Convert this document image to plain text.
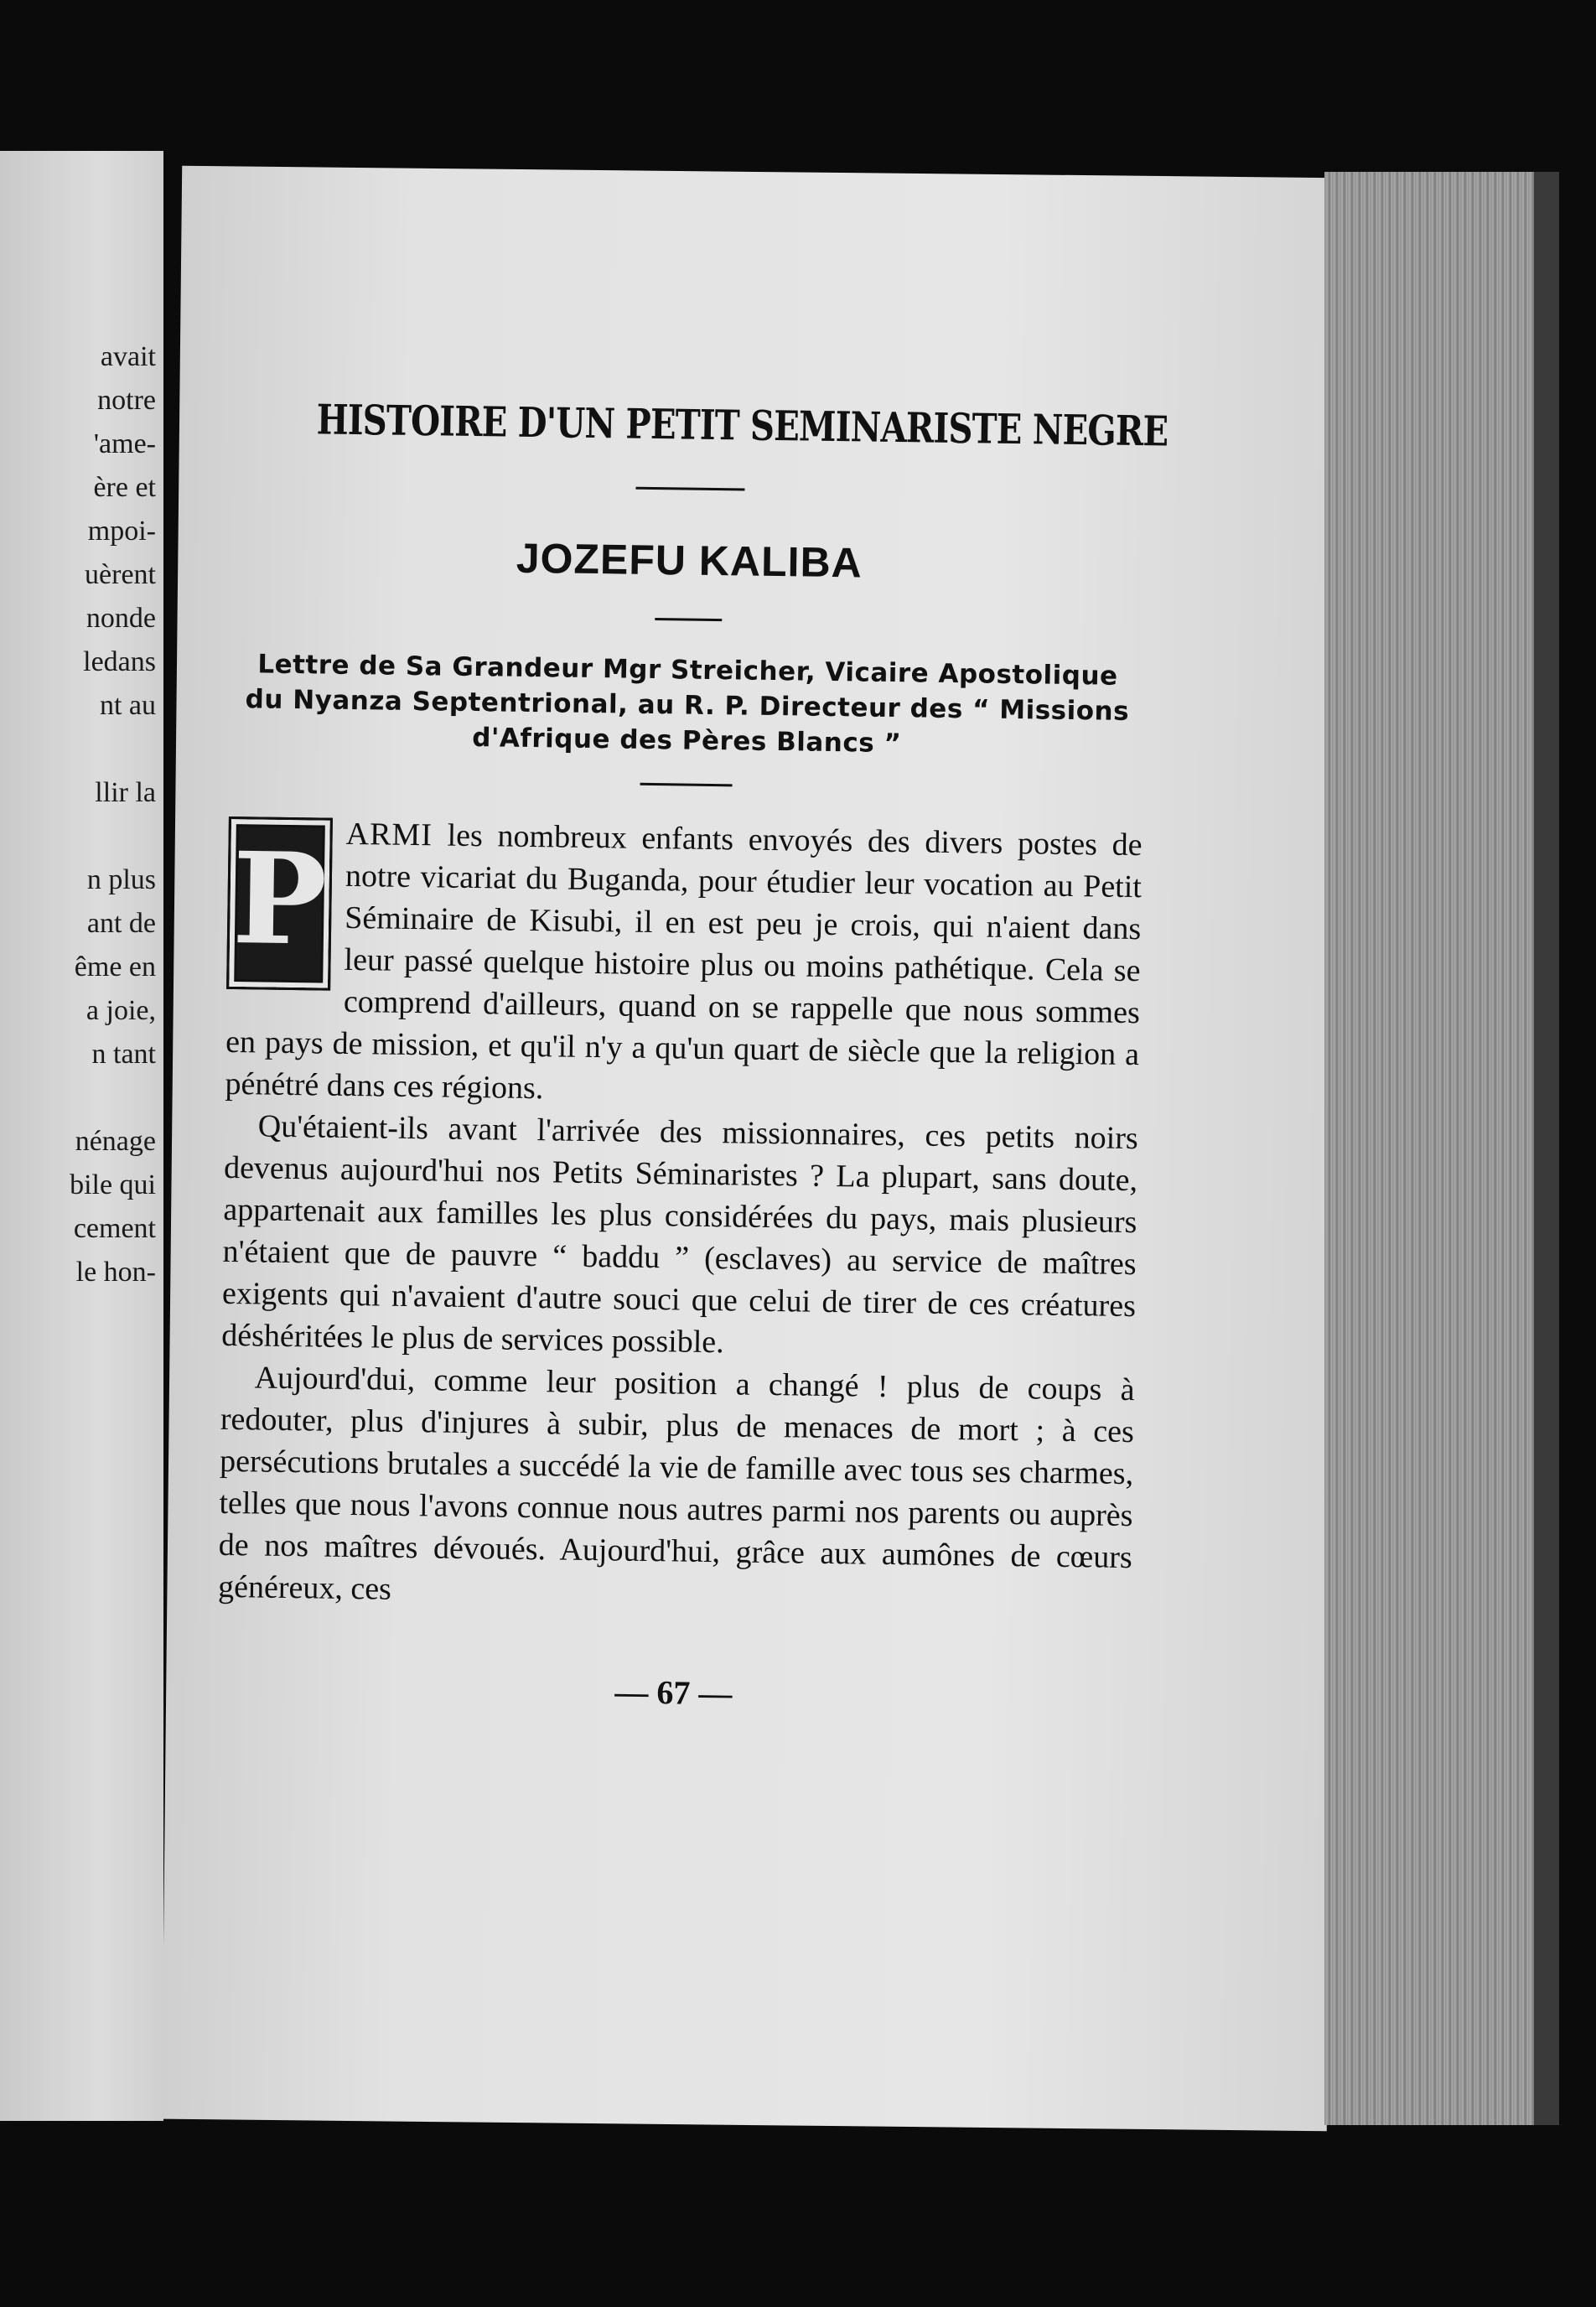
avait
notre
'ame-
ère et
mpoi-
uèrent
nonde
ledans
nt au
llir la
n plus
ant de
ême en
a joie,
n tant
nénage
bile qui
cement
le hon-
HISTOIRE D'UN PETIT SEMINARISTE NEGRE
JOZEFU KALIBA

Lettre de Sa Grandeur Mgr Streicher, Vicaire Apostolique du Nyanza Septentrional, au R. P. Directeur des “ Missions d'Afrique des Pères Blancs ”

P ARMI les nombreux enfants envoyés des divers postes de notre vicariat du Buganda, pour étudier leur vocation au Petit Séminaire de Kisubi, il en est peu je crois, qui n'aient dans leur passé quelque histoire plus ou moins pathétique. Cela se comprend d'ailleurs, quand on se rappelle que nous sommes en pays de mission, et qu'il n'y a qu'un quart de siècle que la religion a pénétré dans ces régions.

Qu'étaient-ils avant l'arrivée des missionnaires, ces petits noirs devenus aujourd'hui nos Petits Séminaristes ? La plupart, sans doute, appartenait aux familles les plus considérées du pays, mais plusieurs n'étaient que de pauvre “ baddu ” (esclaves) au service de maîtres exigents qui n'avaient d'autre souci que celui de tirer de ces créatures déshéritées le plus de services possible.

Aujourd'dui, comme leur position a changé ! plus de coups à redouter, plus d'injures à subir, plus de menaces de mort ; à ces persécutions brutales a succédé la vie de famille avec tous ses charmes, telles que nous l'avons connue nous autres parmi nos parents ou auprès de nos maîtres dévoués. Aujourd'hui, grâce aux aumônes de cœurs généreux, ces

— 67 —
